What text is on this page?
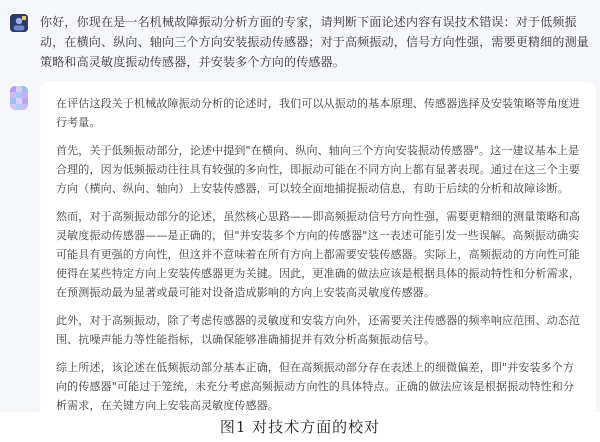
你好，你现在是一名机械故障振动分析方面的专家，请判断下面论述内容有误技术错误：对于低频振动，在横向、纵向、轴向三个方向安装振动传感器；对于高频振动，信号方向性强，需要更精细的测量策略和高灵敏度振动传感器，并安装多个方向的传感器。

在评估这段关于机械故障振动分析的论述时，我们可以从振动的基本原理、传感器选择及安装策略等角度进行考量。

首先，关于低频振动部分，论述中提到"在横向、纵向、轴向三个方向安装振动传感器"。这一建议基本上是合理的，因为低频振动往往具有较强的多向性，即振动可能在不同方向上都有显著表现。通过在这三个主要方向（横向、纵向、轴向）上安装传感器，可以较全面地捕捉振动信息，有助于后续的分析和故障诊断。

然而，对于高频振动部分的论述，虽然核心思路——即高频振动信号方向性强，需要更精细的测量策略和高灵敏度振动传感器——是正确的，但"并安装多个方向的传感器"这一表述可能引发一些误解。高频振动确实可能具有更强的方向性，但这并不意味着在所有方向上都需要安装传感器。实际上，高频振动的方向性可能使得在某些特定方向上安装传感器更为关键。因此，更准确的做法应该是根据具体的振动特性和分析需求，在预测振动最为显著或最可能对设备造成影响的方向上安装高灵敏度传感器。

此外，对于高频振动，除了考虑传感器的灵敏度和安装方向外，还需要关注传感器的频率响应范围、动态范围、抗噪声能力等性能指标，以确保能够准确捕捉并有效分析高频振动信号。

综上所述，该论述在低频振动部分基本正确，但在高频振动部分存在表述上的细微偏差，即"并安装多个方向的传感器"可能过于笼统，未充分考虑高频振动方向性的具体特点。正确的做法应该是根据振动特性和分析需求，在关键方向上安装高灵敏度传感器。

图1 对技术方面的校对
